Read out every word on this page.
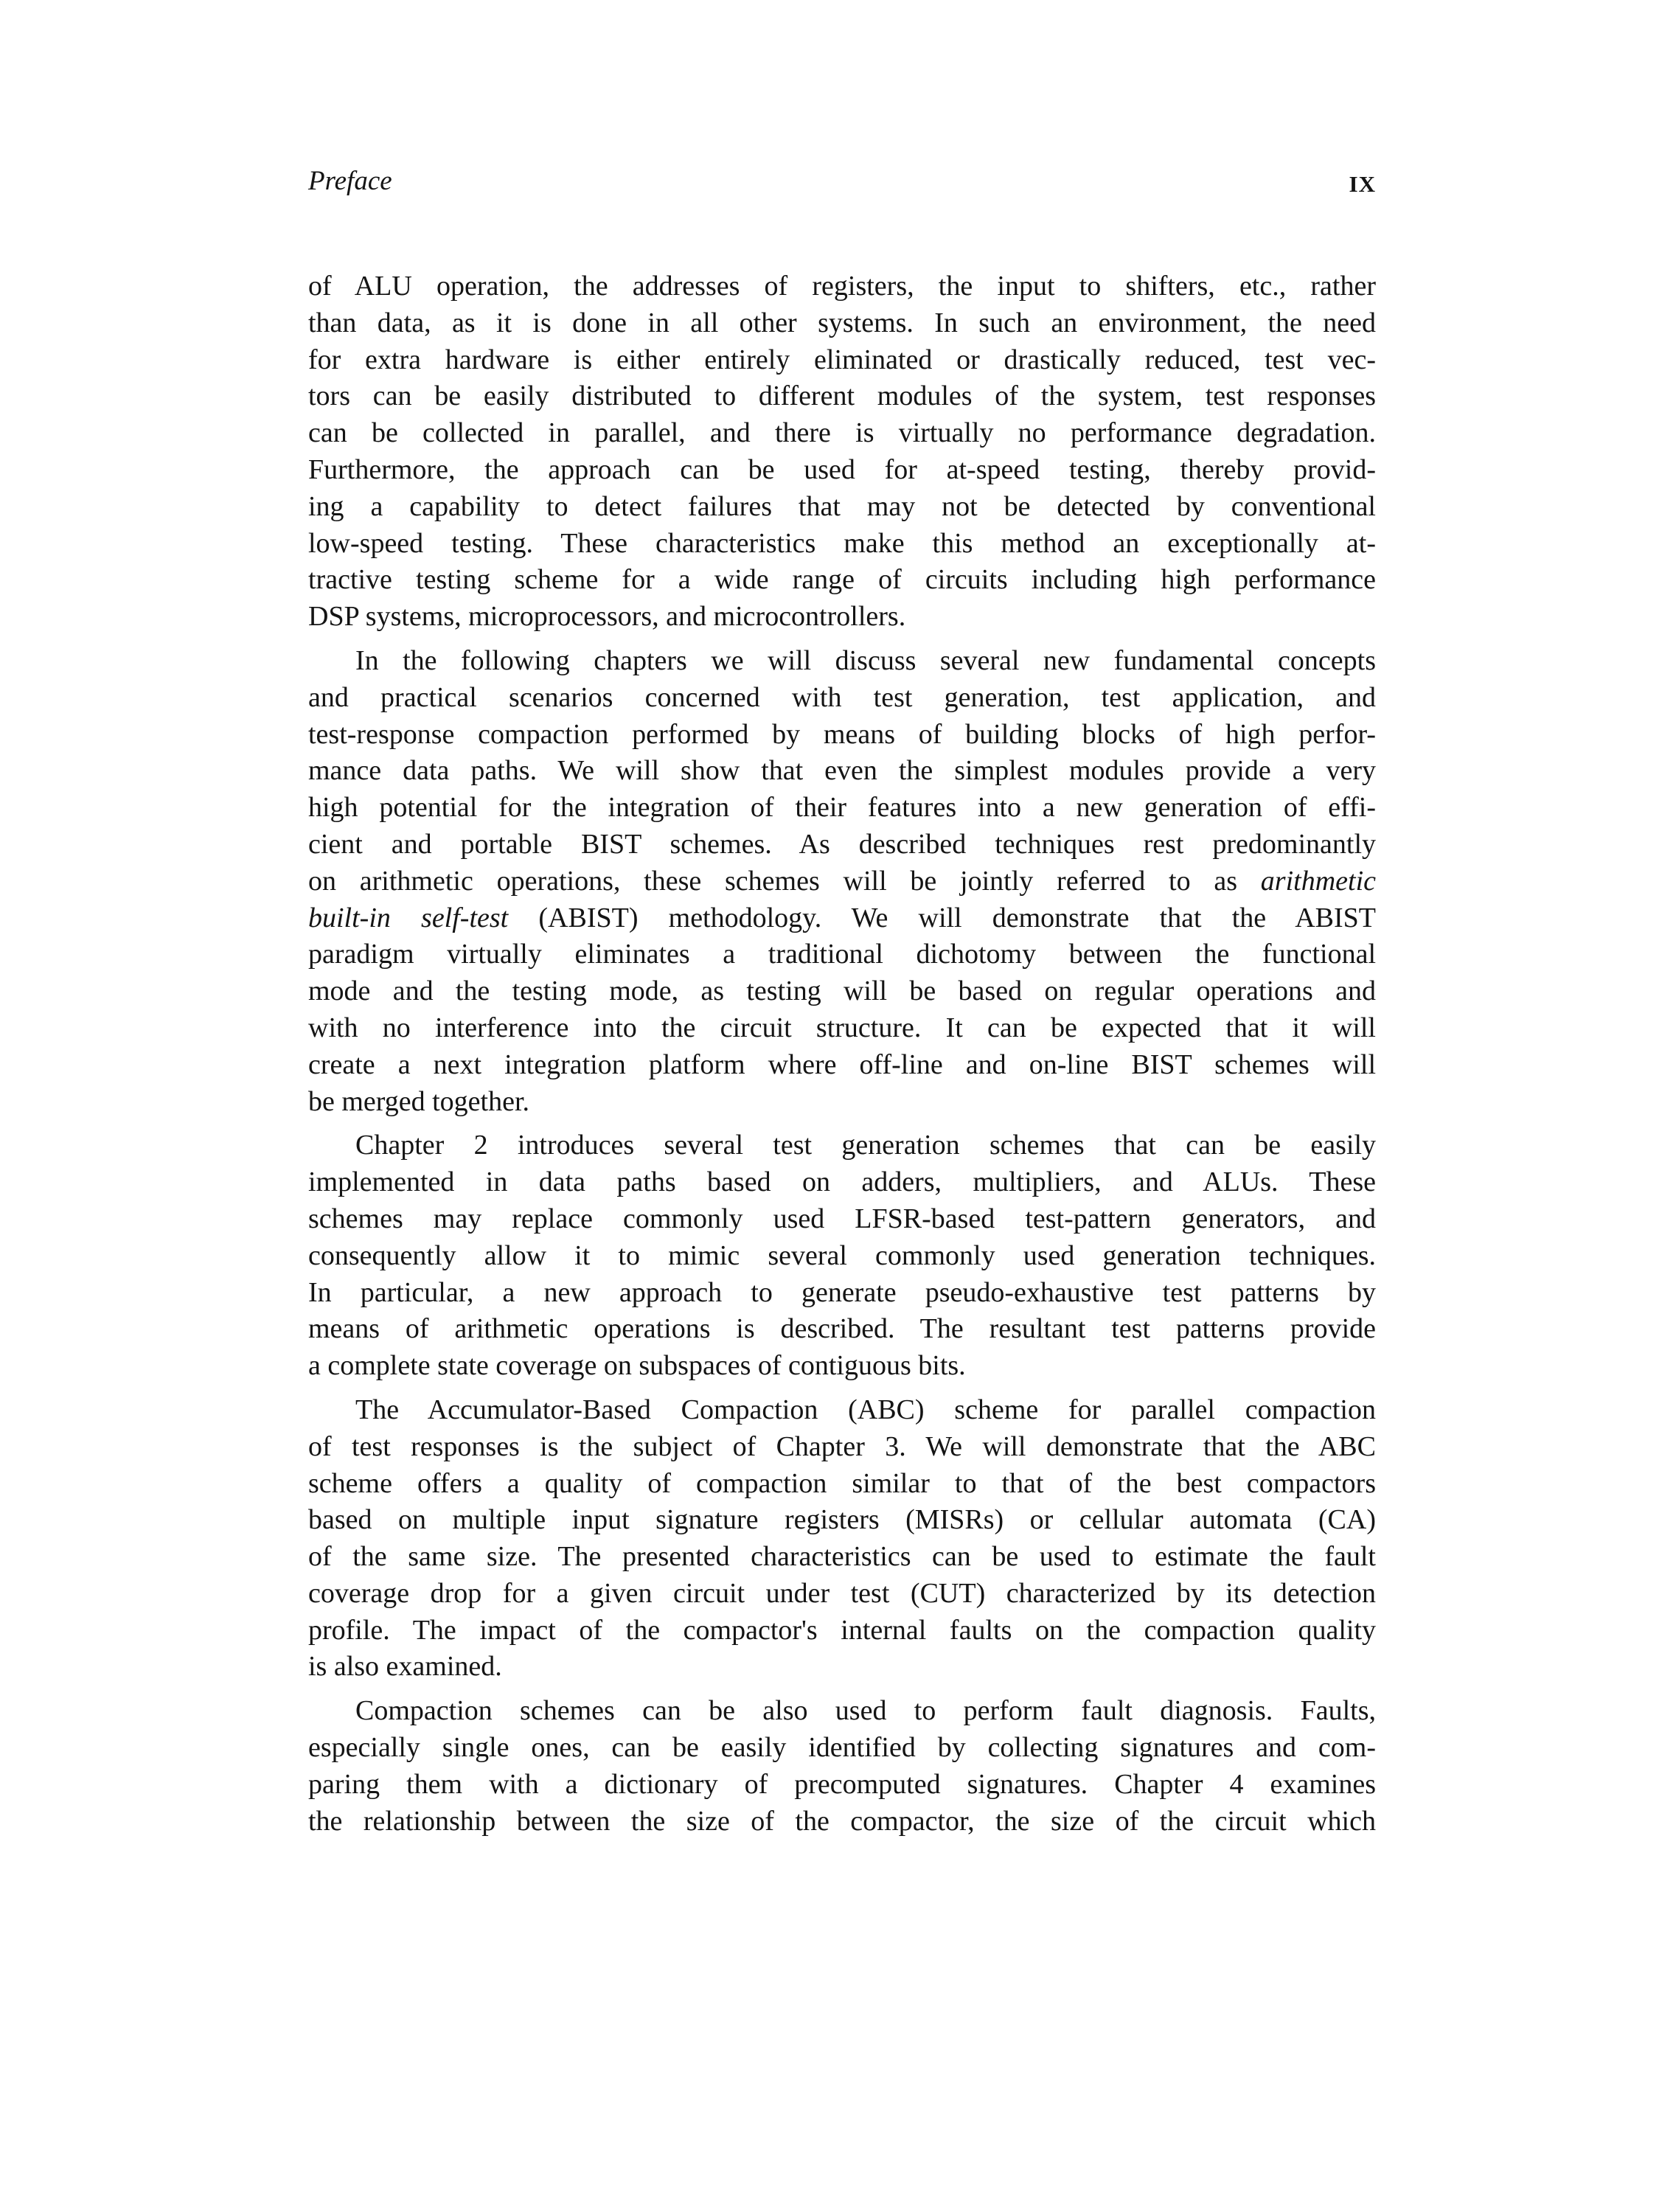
Preface	IX
of ALU operation, the addresses of registers, the input to shifters, etc., rather
than data, as it is done in all other systems. In such an environment, the need
for extra hardware is either entirely eliminated or drastically reduced, test vec-
tors can be easily distributed to different modules of the system, test responses
can be collected in parallel, and there is virtually no performance degradation.
Furthermore, the approach can be used for at-speed testing, thereby provid-
ing a capability to detect failures that may not be detected by conventional
low-speed testing. These characteristics make this method an exceptionally at-
tractive testing scheme for a wide range of circuits including high performance
DSP systems, microprocessors, and microcontrollers.
In the following chapters we will discuss several new fundamental concepts
and practical scenarios concerned with test generation, test application, and
test-response compaction performed by means of building blocks of high perfor-
mance data paths. We will show that even the simplest modules provide a very
high potential for the integration of their features into a new generation of effi-
cient and portable BIST schemes. As described techniques rest predominantly
on arithmetic operations, these schemes will be jointly referred to as arithmetic
built-in self-test (ABIST) methodology. We will demonstrate that the ABIST
paradigm virtually eliminates a traditional dichotomy between the functional
mode and the testing mode, as testing will be based on regular operations and
with no interference into the circuit structure. It can be expected that it will
create a next integration platform where off-line and on-line BIST schemes will
be merged together.
Chapter 2 introduces several test generation schemes that can be easily
implemented in data paths based on adders, multipliers, and ALUs. These
schemes may replace commonly used LFSR-based test-pattern generators, and
consequently allow it to mimic several commonly used generation techniques.
In particular, a new approach to generate pseudo-exhaustive test patterns by
means of arithmetic operations is described. The resultant test patterns provide
a complete state coverage on subspaces of contiguous bits.
The Accumulator-Based Compaction (ABC) scheme for parallel compaction
of test responses is the subject of Chapter 3. We will demonstrate that the ABC
scheme offers a quality of compaction similar to that of the best compactors
based on multiple input signature registers (MISRs) or cellular automata (CA)
of the same size. The presented characteristics can be used to estimate the fault
coverage drop for a given circuit under test (CUT) characterized by its detection
profile. The impact of the compactor's internal faults on the compaction quality
is also examined.
Compaction schemes can be also used to perform fault diagnosis. Faults,
especially single ones, can be easily identified by collecting signatures and com-
paring them with a dictionary of precomputed signatures. Chapter 4 examines
the relationship between the size of the compactor, the size of the circuit which
